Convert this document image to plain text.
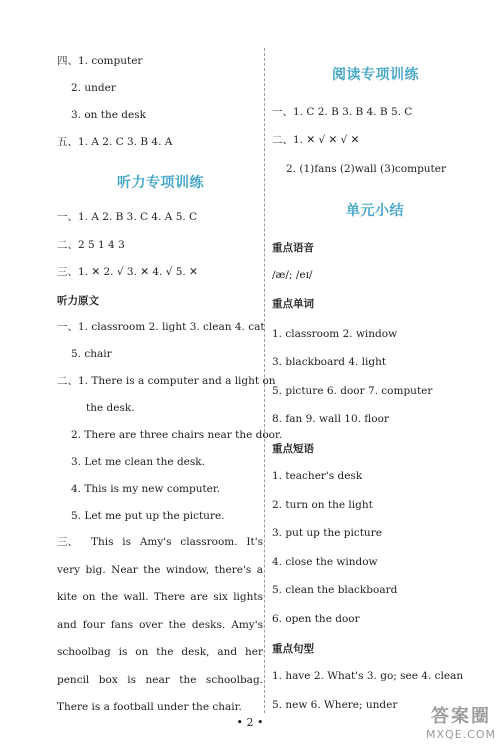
四、1. computer
2. under
3. on the desk
五、1. A 2. C 3. B 4. A
听力专项训练
一、1. A 2. B 3. C 4. A 5. C
二、2 5 1 4 3
三、1. ✕ 2. √ 3. ✕ 4. √ 5. ✕
听力原文
一、1. classroom 2. light 3. clean 4. cat
5. chair
二、1. There is a computer and a light on
the desk.
2. There are three chairs near the door.
3. Let me clean the desk.
4. This is my new computer.
5. Let me put up the picture.
三、 This is Amy's classroom. It's very big. Near the window, there's a kite on the wall. There are six lights and four fans over the desks. Amy's schoolbag is on the desk, and her pencil box is near the schoolbag. There is a football under the chair.
阅读专项训练
一、1. C 2. B 3. B 4. B 5. C
二、1. ✕ √ ✕ √ ✕
2. (1)fans (2)wall (3)computer
单元小结
重点语音
/æ/; /eɪ/
重点单词
1. classroom 2. window
3. blackboard 4. light
5. picture 6. door 7. computer
8. fan 9. wall 10. floor
重点短语
1. teacher's desk
2. turn on the light
3. put up the picture
4. close the window
5. clean the blackboard
6. open the door
重点句型
1. have 2. What's 3. go; see 4. clean
5. new 6. Where; under
• 2 •	答案圈
MXQE.COM
